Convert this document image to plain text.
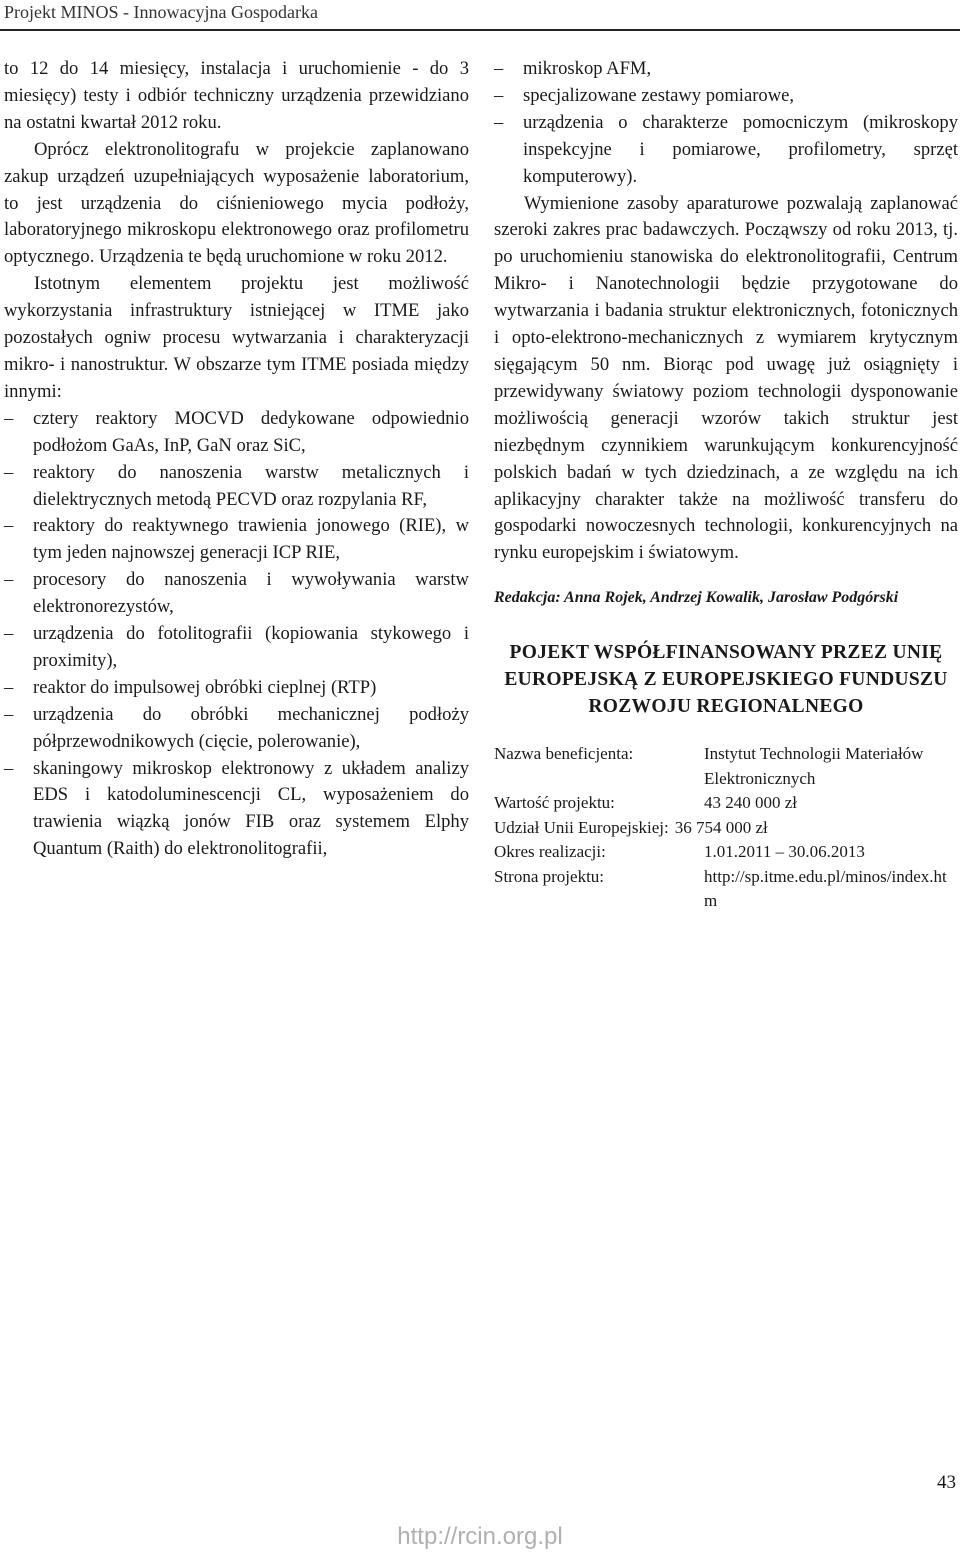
Projekt MINOS - Innowacyjna Gospodarka

to 12 do 14 miesięcy, instalacja i uruchomienie - do 3 miesięcy) testy i odbiór techniczny urządzenia przewidziano na ostatni kwartał 2012 roku.

Oprócz elektronolitografu w projekcie zaplanowano zakup urządzeń uzupełniających wyposażenie laboratorium, to jest urządzenia do ciśnieniowego mycia podłoży, laboratoryjnego mikroskopu elektronowego oraz profilometru optycznego. Urządzenia te będą uruchomione w roku 2012.

Istotnym elementem projektu jest możliwość wykorzystania infrastruktury istniejącej w ITME jako pozostałych ogniw procesu wytwarzania i charakteryzacji mikro- i nanostruktur. W obszarze tym ITME posiada między innymi:

– cztery reaktory MOCVD dedykowane odpowiednio podłożom GaAs, InP, GaN oraz SiC,
– reaktory do nanoszenia warstw metalicznych i dielektrycznych metodą PECVD oraz rozpylania RF,
– reaktory do reaktywnego trawienia jonowego (RIE), w tym jeden najnowszej generacji ICP RIE,
– procesory do nanoszenia i wywoływania warstw elektronorezystów,
– urządzenia do fotolitografii (kopiowania stykowego i proximity),
– reaktor do impulsowej obróbki cieplnej (RTP)
– urządzenia do obróbki mechanicznej podłoży półprzewodnikowych (cięcie, polerowanie),
– skaningowy mikroskop elektronowy z układem analizy EDS i katodoluminescencji CL, wyposażeniem do trawienia wiązką jonów FIB oraz systemem Elphy Quantum (Raith) do elektronolitografii,
– mikroskop AFM,
– specjalizowane zestawy pomiarowe,
– urządzenia o charakterze pomocniczym (mikroskopy inspekcyjne i pomiarowe, profilometry, sprzęt komputerowy).

Wymienione zasoby aparaturowe pozwalają zaplanować szeroki zakres prac badawczych. Począwszy od roku 2013, tj. po uruchomieniu stanowiska do elektronolitografii, Centrum Mikro- i Nanotechnologii będzie przygotowane do wytwarzania i badania struktur elektronicznych, fotonicznych i opto-elektrono-mechanicznych z wymiarem krytycznym sięgającym 50 nm. Biorąc pod uwagę już osiągnięty i przewidywany światowy poziom technologii dysponowanie możliwością generacji wzorów takich struktur jest niezbędnym czynnikiem warunkującym konkurencyjność polskich badań w tych dziedzinach, a ze względu na ich aplikacyjny charakter także na możliwość transferu do gospodarki nowoczesnych technologii, konkurencyjnych na rynku europejskim i światowym.

Redakcja: Anna Rojek, Andrzej Kowalik, Jarosław Podgórski
POJEKT WSPÓŁFINANSOWANY PRZEZ UNIĘ EUROPEJSKĄ Z EUROPEJSKIEGO FUNDUSZU ROZWOJU REGIONALNEGO
Nazwa beneficjenta:	Instytut Technologii Materiałów Elektronicznych
Wartość projektu:	43 240 000 zł
Udział Unii Europejskiej: 36 754 000 zł
Okres realizacji:	1.01.2011 – 30.06.2013
Strona projektu:	http://sp.itme.edu.pl/minos/index.htm
43
http://rcin.org.pl
